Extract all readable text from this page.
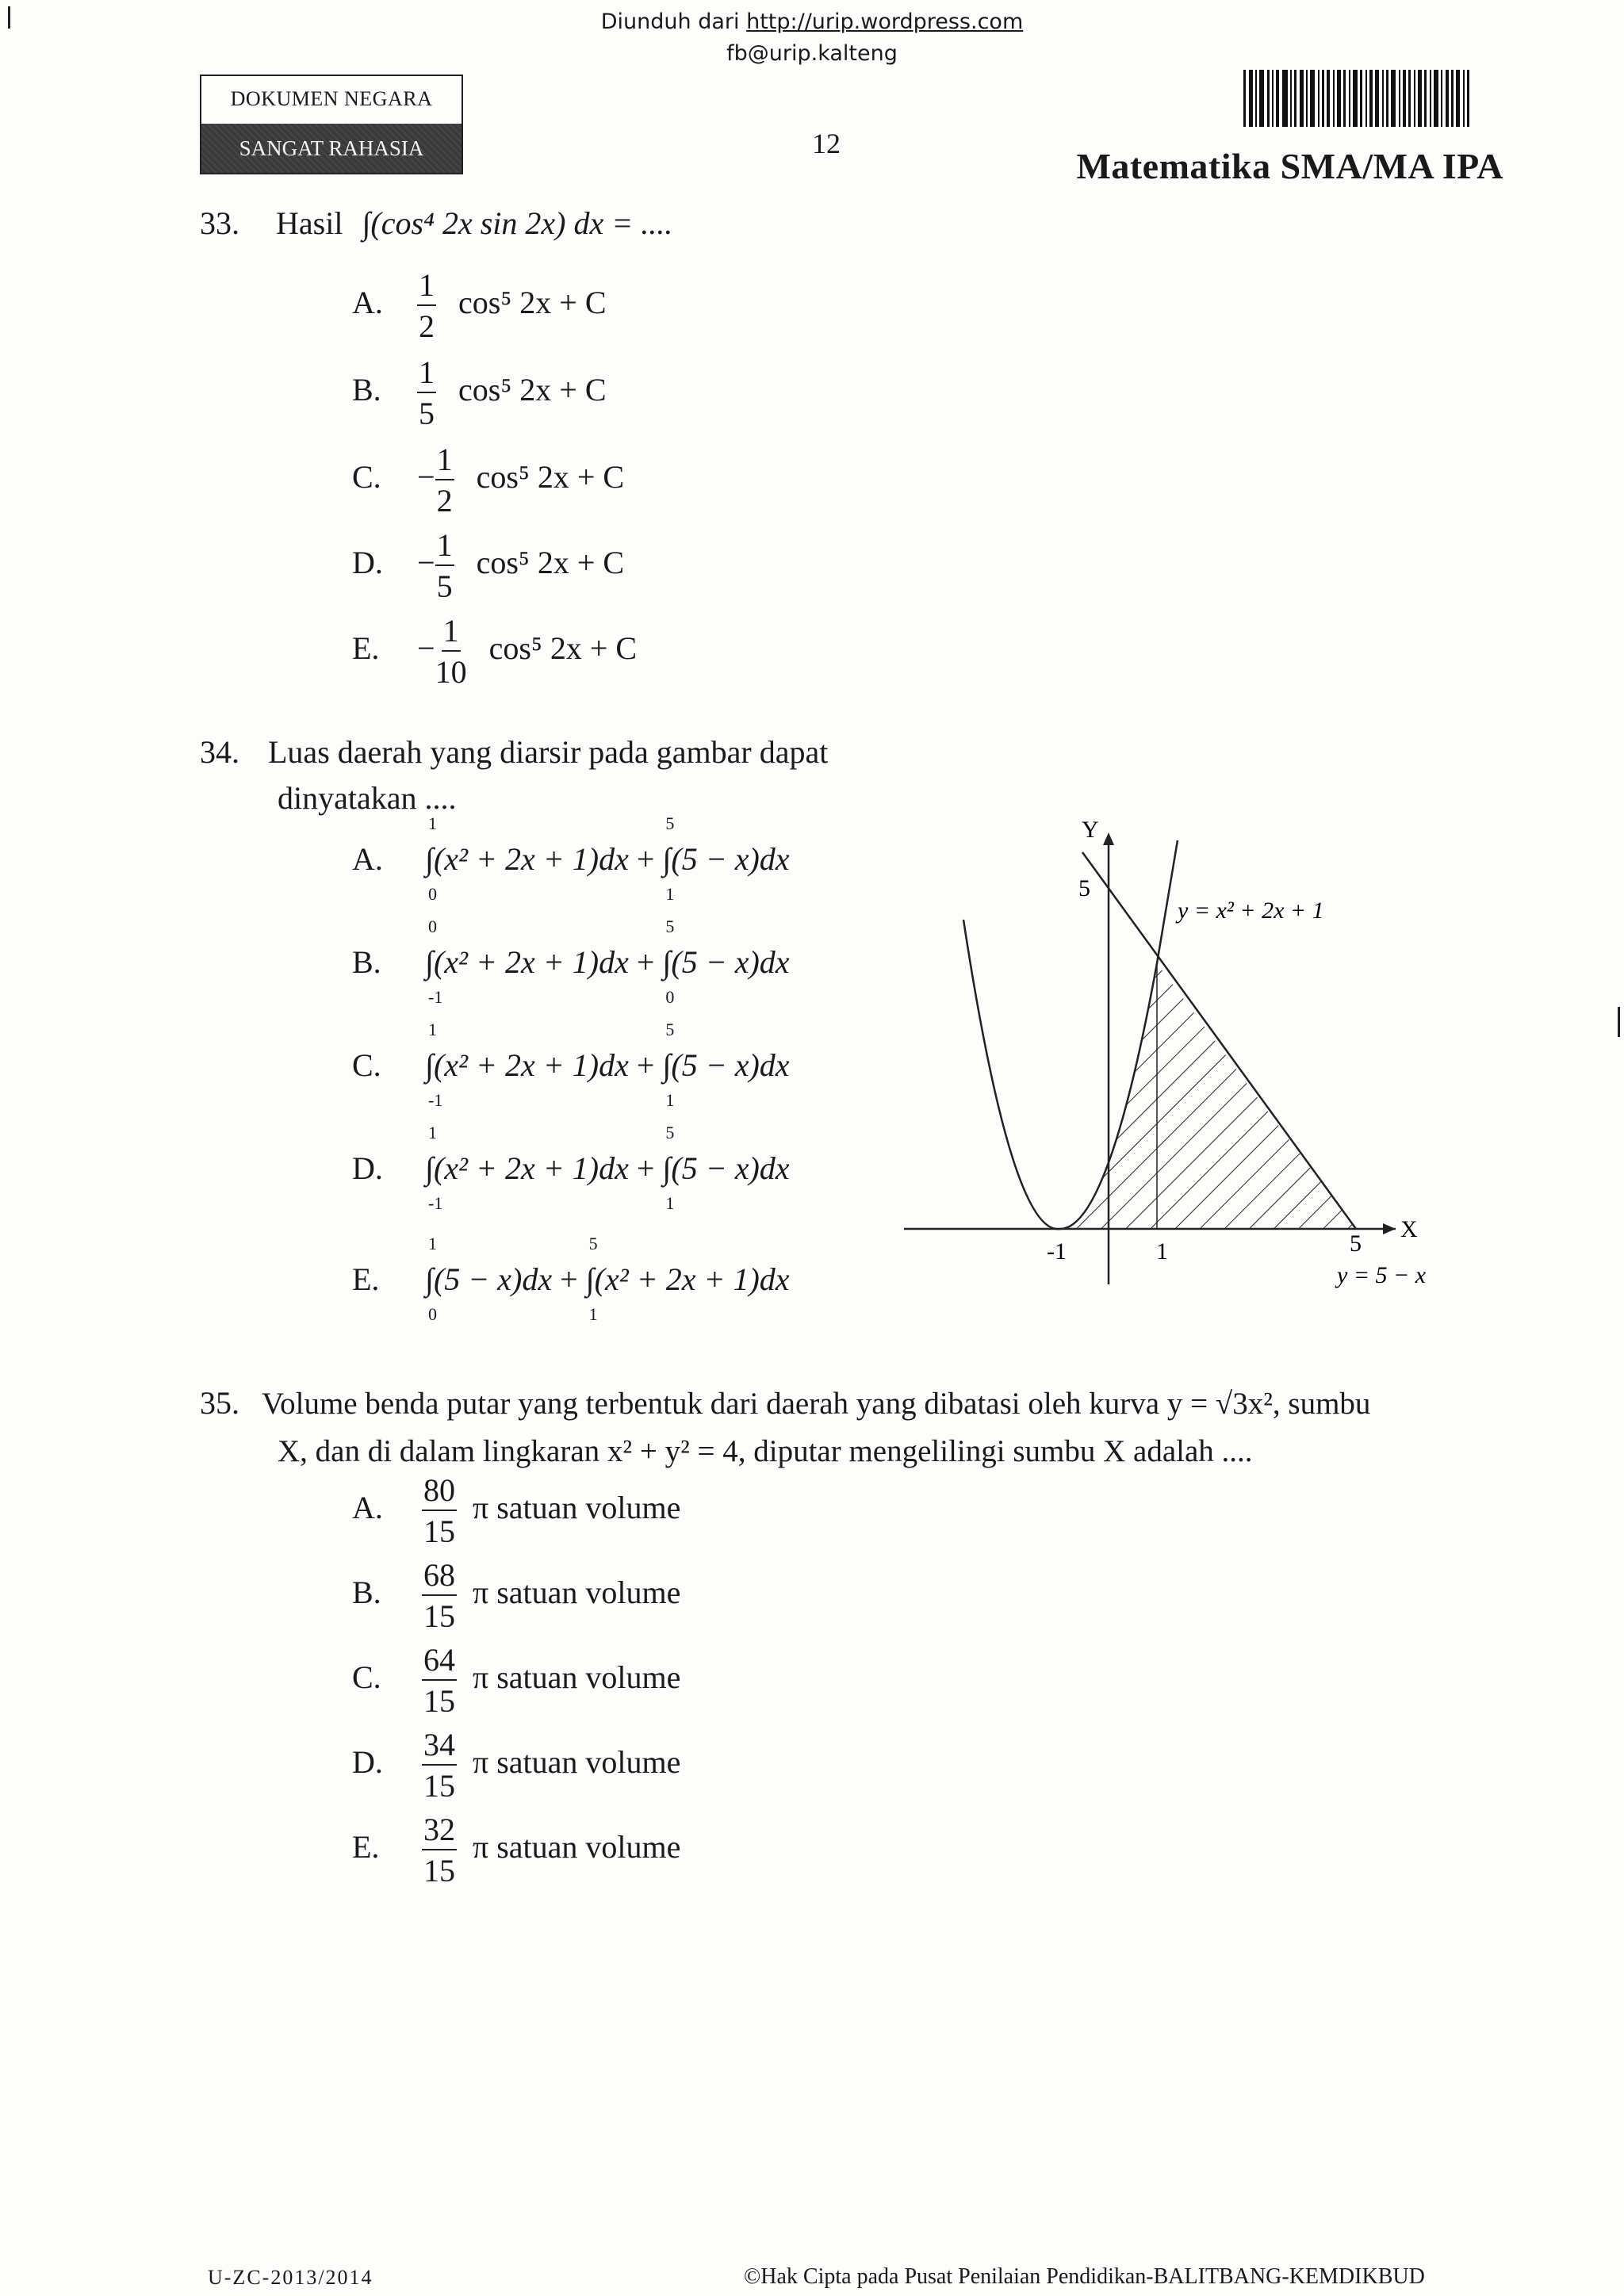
Diunduh dari http://urip.wordpress.com
fb@urip.kalteng
DOKUMEN NEGARA
SANGAT RAHASIA	12
Matematika SMA/MA IPA
33. Hasil ∫(cos⁴ 2x sin 2x) dx = ....
A. $\frac{1}{2} \cos^5$ 2x + C
B. $\frac{1}{5} \cos^5$ 2x + C
C. − $\frac{1}{2} \cos^5$ 2x + C
D. − $\frac{1}{5} \cos^5$ 2x + C
E. − $\frac{1}{10} \cos^5$ 2x + C
34. Luas daerah yang diarsir pada gambar dapat
dinyatakan ....
A.
1
∫
0
(x² + 2x + 1)dx +
5
∫
1
(5 − x)dx
B.
0
∫
-1
(x² + 2x + 1)dx +
5
∫
0
(5 − x)dx
C.
1
∫
-1
(x² + 2x + 1)dx +
5
∫
1
(5 − x)dx
D.
1
∫
-1
(x² + 2x + 1)dx +
5
∫
1
(5 − x)dx
E.
1
∫
0
(5 − x)dx +
5
∫
1
(x² + 2x + 1)dx
Y
5
X
-1	1	5
y = x² + 2x + 1
y = 5 − x
35. Volume benda putar yang terbentuk dari daerah yang dibatasi oleh kurva y = √3x², sumbu
X, dan di dalam lingkaran x² + y² = 4, diputar mengelilingi sumbu X adalah ....
A. $\frac{80}{15}$ π satuan volume
B. $\frac{68}{15}$ π satuan volume
C. $\frac{64}{15}$ π satuan volume
D. $\frac{34}{15}$ π satuan volume
E. $\frac{32}{15}$ π satuan volume
U-ZC-2013/2014	©Hak Cipta pada Pusat Penilaian Pendidikan-BALITBANG-KEMDIKBUD
